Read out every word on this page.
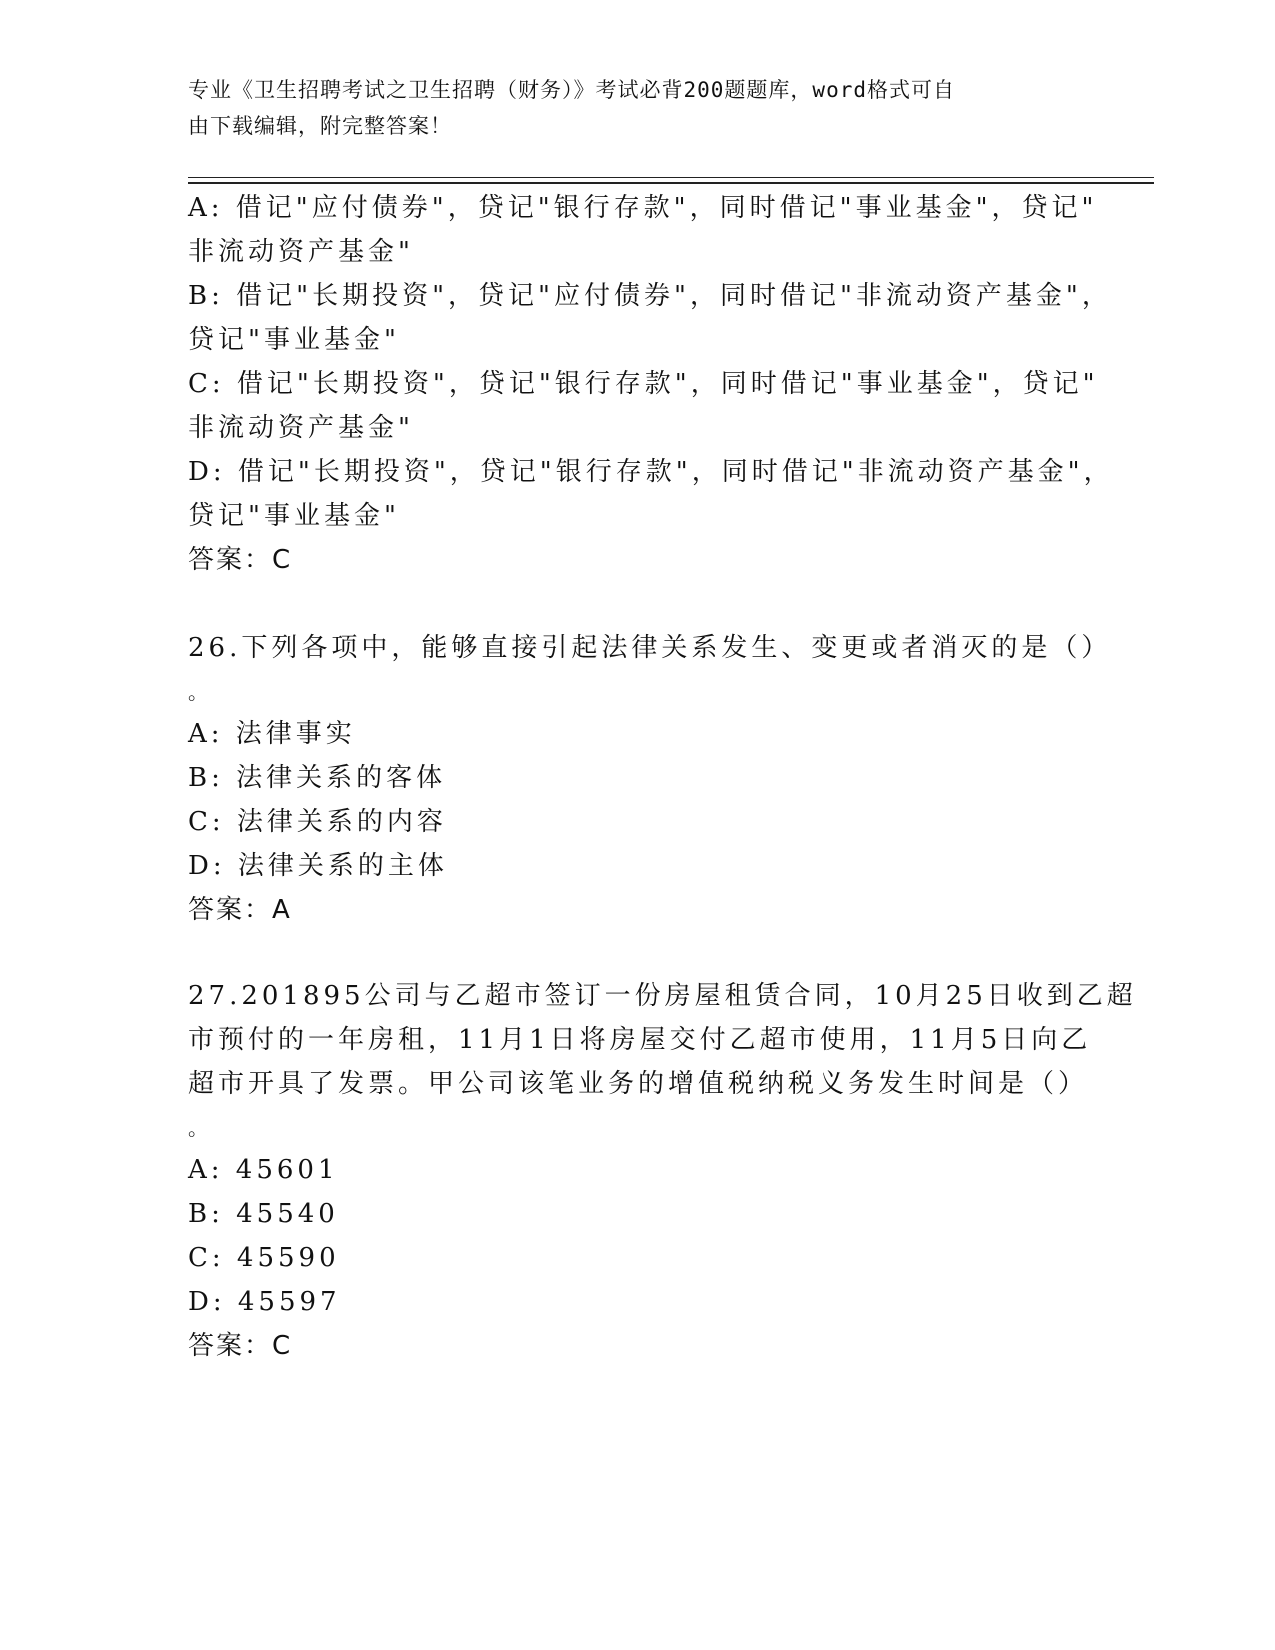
专业《卫生招聘考试之卫生招聘（财务）》考试必背200题题库，word格式可自
由下载编辑，附完整答案！
A: 借记"应付债券"，贷记"银行存款"，同时借记"事业基金"，贷记"
非流动资产基金"
B: 借记"长期投资"，贷记"应付债券"，同时借记"非流动资产基金"，
贷记"事业基金"
C: 借记"长期投资"，贷记"银行存款"，同时借记"事业基金"，贷记"
非流动资产基金"
D: 借记"长期投资"，贷记"银行存款"，同时借记"非流动资产基金"，
贷记"事业基金"
答案：C
26.下列各项中，能够直接引起法律关系发生、变更或者消灭的是（）
。
A: 法律事实
B: 法律关系的客体
C: 法律关系的内容
D: 法律关系的主体
答案：A
27.201895公司与乙超市签订一份房屋租赁合同，10月25日收到乙超
市预付的一年房租，11月1日将房屋交付乙超市使用，11月5日向乙
超市开具了发票。甲公司该笔业务的增值税纳税义务发生时间是（）
。
A: 45601
B: 45540
C: 45590
D: 45597
答案：C
